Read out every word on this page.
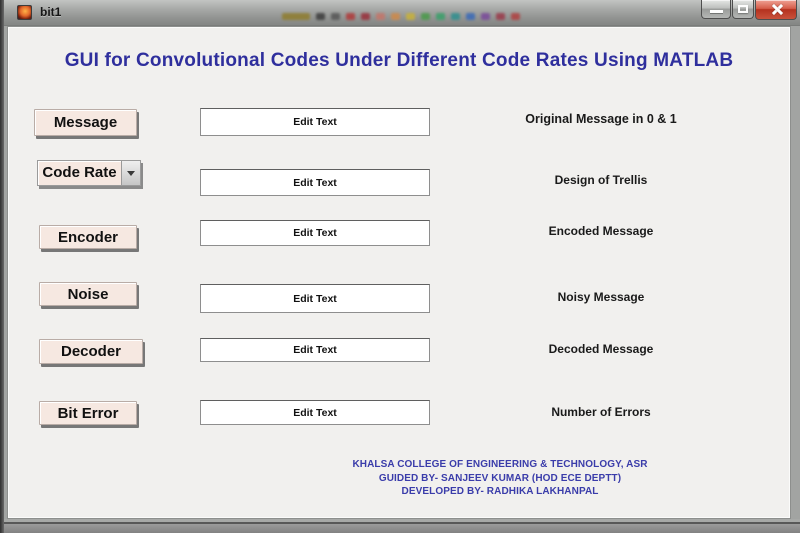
bit1
GUI for Convolutional Codes Under Different Code Rates Using MATLAB
Message
Edit Text	Original Message in 0 & 1
Code Rate
Edit Text	Design of Trellis
Encoder
Edit Text	Encoded Message
Noise
Edit Text	Noisy Message
Decoder
Edit Text	Decoded Message
Bit Error
Edit Text	Number of Errors
KHALSA COLLEGE OF ENGINEERING & TECHNOLOGY, ASR
GUIDED BY- SANJEEV KUMAR (HOD ECE DEPTT)
DEVELOPED BY- RADHIKA LAKHANPAL
